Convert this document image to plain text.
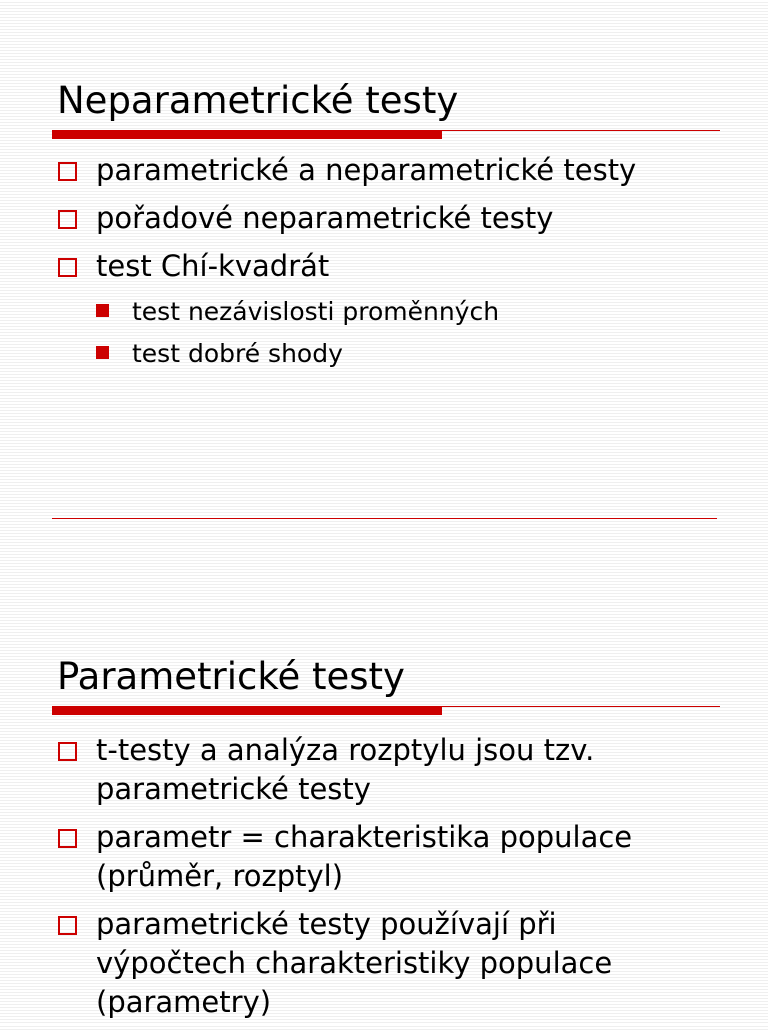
Neparametrické testy
parametrické a neparametrické testy
pořadové neparametrické testy
test Chí-kvadrát
test nezávislosti proměnných
test dobré shody
Parametrické testy
t-testy a analýza rozptylu jsou tzv.
parametrické testy
parametr = charakteristika populace
(průměr, rozptyl)
parametrické testy používají při
výpočtech charakteristiky populace
(parametry)
